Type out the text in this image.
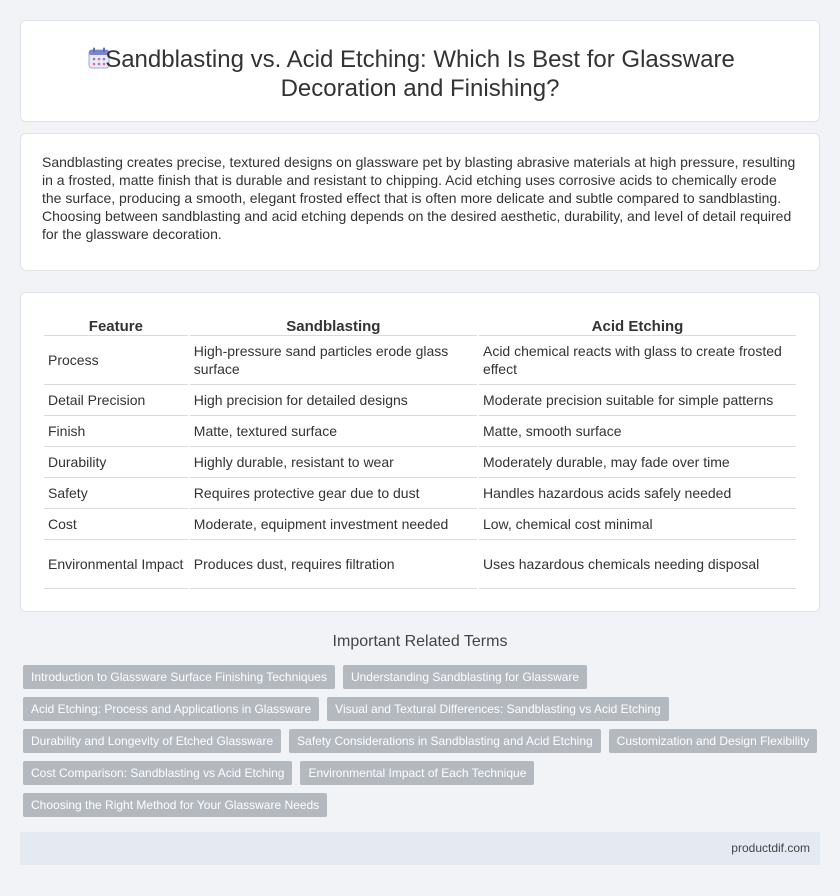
Sandblasting vs. Acid Etching: Which Is Best for Glassware
Decoration and Finishing?

Sandblasting creates precise, textured designs on glassware pet by blasting abrasive materials at high pressure, resulting in a frosted, matte finish that is durable and resistant to chipping. Acid etching uses corrosive acids to chemically erode the surface, producing a smooth, elegant frosted effect that is often more delicate and subtle compared to sandblasting. Choosing between sandblasting and acid etching depends on the desired aesthetic, durability, and level of detail required for the glassware decoration.

Feature	Sandblasting	Acid Etching
Process	High-pressure sand particles erode glass surface	Acid chemical reacts with glass to create frosted effect
Detail Precision	High precision for detailed designs	Moderate precision suitable for simple patterns
Finish	Matte, textured surface	Matte, smooth surface
Durability	Highly durable, resistant to wear	Moderately durable, may fade over time
Safety	Requires protective gear due to dust	Handles hazardous acids safely needed
Cost	Moderate, equipment investment needed	Low, chemical cost minimal
Environmental Impact	Produces dust, requires filtration	Uses hazardous chemicals needing disposal
Important Related Terms
Introduction to Glassware Surface Finishing Techniques	Understanding Sandblasting for Glassware
Acid Etching: Process and Applications in Glassware	Visual and Textural Differences: Sandblasting vs Acid Etching
Durability and Longevity of Etched Glassware	Safety Considerations in Sandblasting and Acid Etching	Customization and Design Flexibility
Cost Comparison: Sandblasting vs Acid Etching	Environmental Impact of Each Technique
Choosing the Right Method for Your Glassware Needs
productdif.com
